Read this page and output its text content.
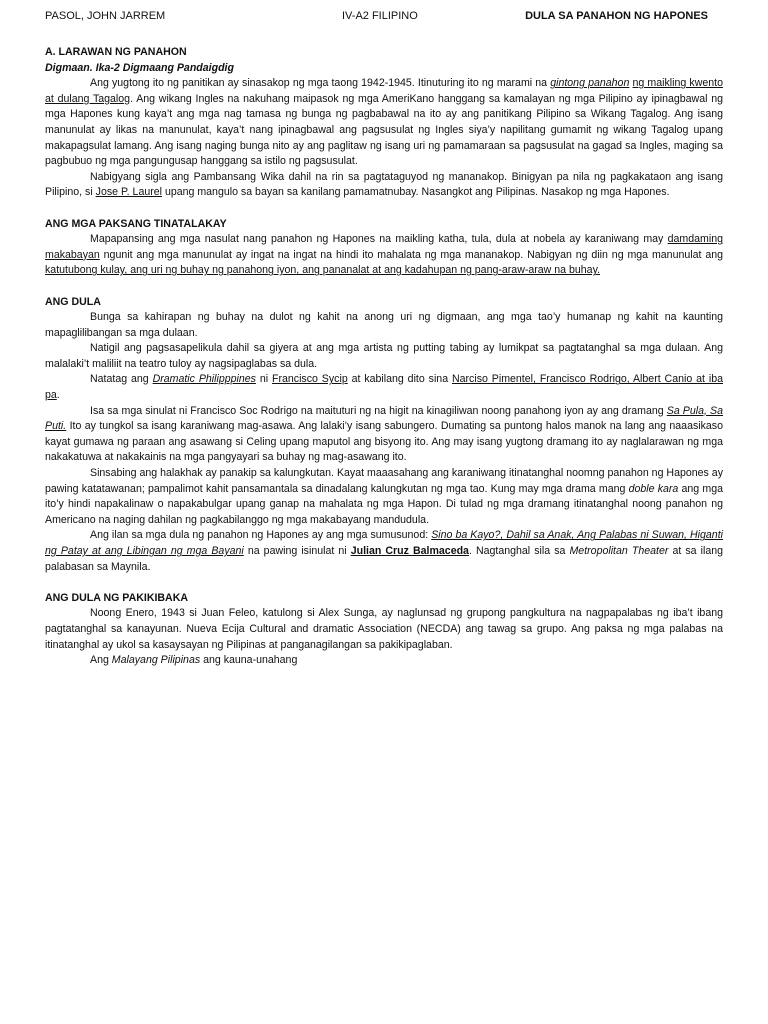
PASOL, JOHN JARREM	IV-A2 FILIPINO	DULA SA PANAHON NG HAPONES
A. LARAWAN NG PANAHON
Digmaan. Ika-2 Digmaang Pandaigdig

Ang yugtong ito ng panitikan ay sinasakop ng mga taong 1942-1945. Itinuturing ito ng marami na gintong panahon ng maikling kwento at dulang Tagalog. Ang wikang Ingles na nakuhang maipasok ng mga AmeriKano hanggang sa kamalayan ng mga Pilipino ay ipinagbawal ng mga Hapones kung kaya’t ang mga nag tamasa ng bunga ng pagbabawal na ito ay ang panitikang Pilipino sa Wikang Tagalog. Ang isang manunulat ay likas na manunulat, kaya’t nang ipinagbawal ang pagsusulat ng Ingles siya’y napilitang gumamit ng wikang Tagalog upang makapagsulat lamang. Ang isang naging bunga nito ay ang paglitaw ng isang uri ng pamamaraan sa pagsusulat na gagad sa Ingles, maging sa pagbubuo ng mga pangungusap hanggang sa istilo ng pagsusulat.

Nabigyang sigla ang Pambansang Wika dahil na rin sa pagtataguyod ng mananakop. Binigyan pa nila ng pagkakataon ang isang Pilipino, si Jose P. Laurel upang mangulo sa bayan sa kanilang pamamatnubay. Nasangkot ang Pilipinas. Nasakop ng mga Hapones.

ANG MGA PAKSANG TINATALAKAY

Mapapansing ang mga nasulat nang panahon ng Hapones na maikling katha, tula, dula at nobela ay karaniwang may damdaming makabayan ngunit ang mga manunulat ay ingat na ingat na hindi ito mahalata ng mga mananakop. Nabigyan ng diin ng mga manunulat ang katutubong kulay, ang uri ng buhay ng panahong iyon, ang pananalat at ang kadahupan ng pang-araw-araw na buhay.

ANG DULA

Bunga sa kahirapan ng buhay na dulot ng kahit na anong uri ng digmaan, ang mga tao’y humanap ng kahit na kaunting mapaglilibangan sa mga dulaan.

Natigil ang pagsasapelikula dahil sa giyera at ang mga artista ng putting tabing ay lumikpat sa pagtatanghal sa mga dulaan. Ang malalaki’t maliliit na teatro tuloy ay nagsipaglabas sa dula.

Natatag ang Dramatic Philipppines ni Francisco Sycip at kabilang dito sina Narciso Pimentel, Francisco Rodrigo, Albert Canio at iba pa.

Isa sa mga sinulat ni Francisco Soc Rodrigo na maituturi ng na higit na kinagiliwan noong panahong iyon ay ang dramang Sa Pula, Sa Puti. Ito ay tungkol sa isang karaniwang mag-asawa. Ang lalaki’y isang sabungero. Dumating sa puntong halos manok na lang ang naaasikaso kayat gumawa ng paraan ang asawang si Celing upang maputol ang bisyong ito. Ang may isang yugtong dramang ito ay naglalarawan ng mga nakakatuwa at nakakainis na mga pangyayari sa buhay ng mag-asawang ito.

Sinsabing ang halakhak ay panakip sa kalungkutan. Kayat maaasahang ang karaniwang itinatanghal noomng panahon ng Hapones ay pawing katatawanan; pampalimot kahit pansamantala sa dinadalang kalungkutan ng mga tao. Kung may mga drama mang doble kara ang mga ito’y hindi napakalinaw o napakabulgar upang ganap na mahalata ng mga Hapon. Di tulad ng mga dramang itinatanghal noong panahon ng Americano na naging dahilan ng pagkabilanggo ng mga makabayang mandudula.

Ang ilan sa mga dula ng panahon ng Hapones ay ang mga sumusunod: Sino ba Kayo?, Dahil sa Anak, Ang Palabas ni Suwan, Higanti ng Patay at ang Libingan ng mga Bayani na pawing isinulat ni Julian Cruz Balmaceda. Nagtanghal sila sa Metropolitan Theater at sa ilang palabasan sa Maynila.

ANG DULA NG PAKIKIBAKA

Noong Enero, 1943 si Juan Feleo, katulong si Alex Sunga, ay naglunsad ng grupong pangkultura na nagpapalabas ng iba’t ibang pagtatanghal sa kanayunan. Nueva Ecija Cultural and dramatic Association (NECDA) ang tawag sa grupo. Ang paksa ng mga palabas na itinatanghal ay ukol sa kasaysayan ng Pilipinas at panganagilangan sa pakikipaglaban.

Ang Malayang Pilipinas ang kauna-unahang
